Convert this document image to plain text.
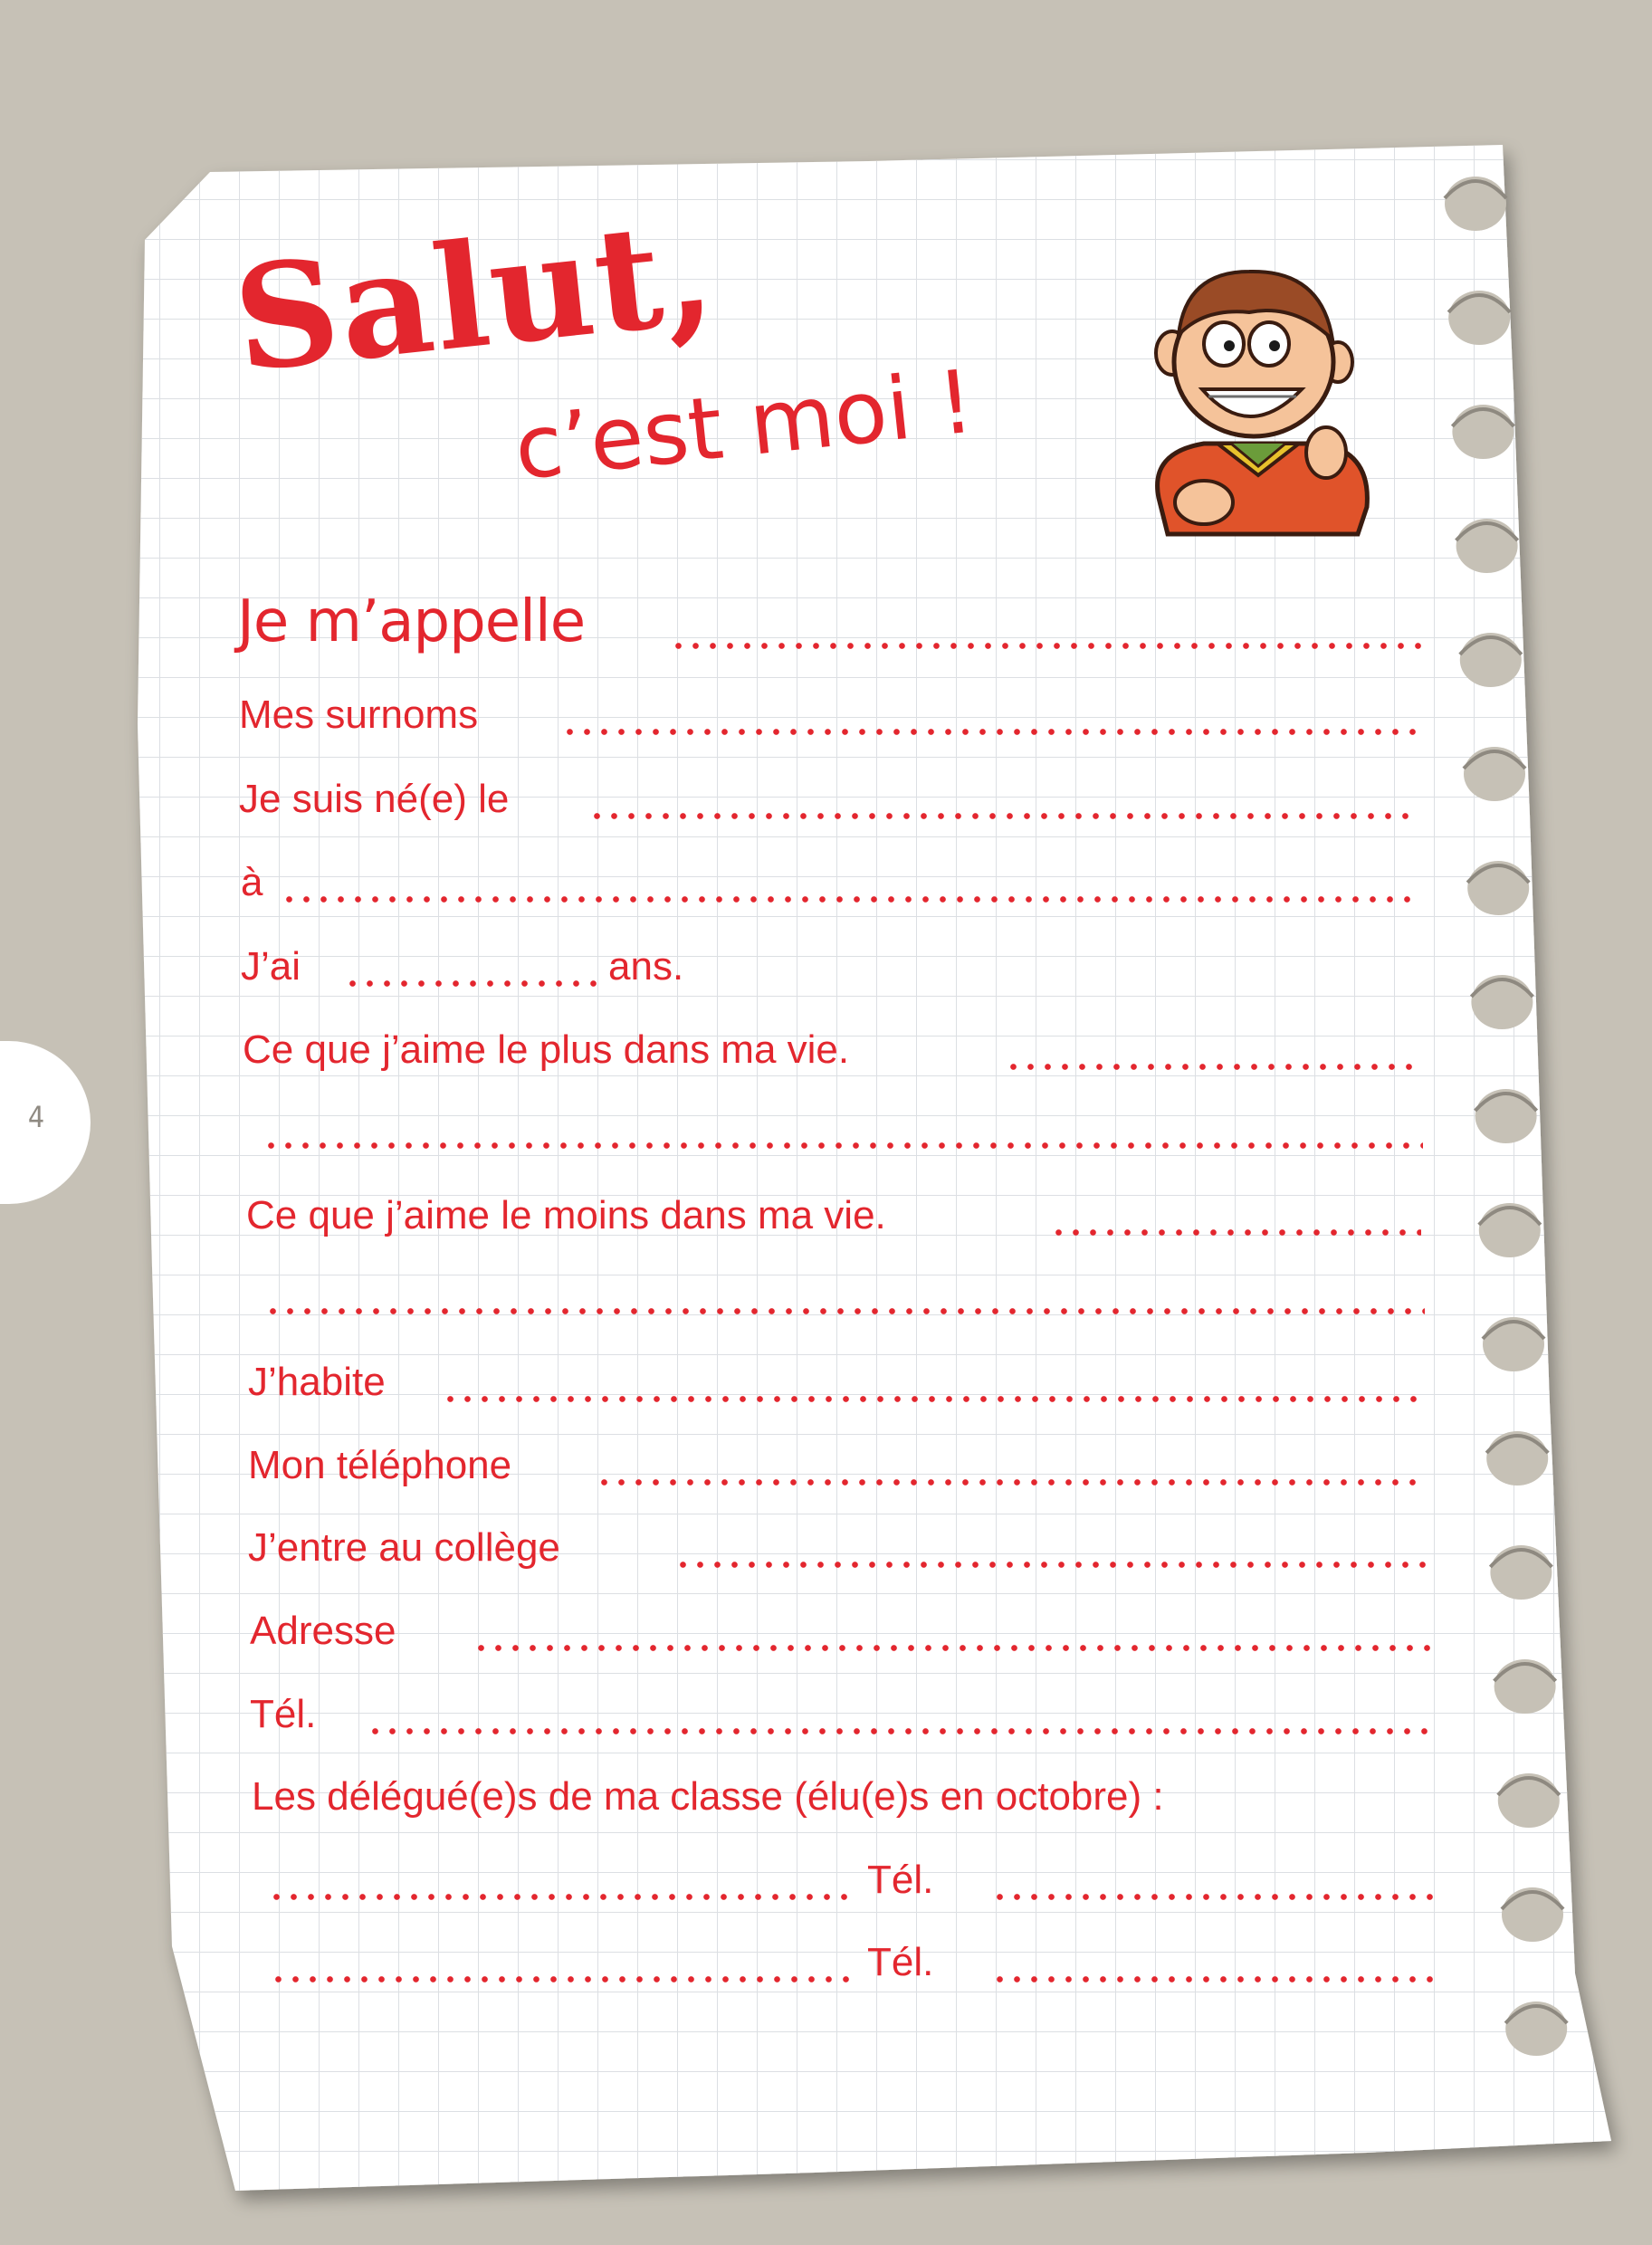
4
Salut,
c’est moi !
Je m’appelle
Mes surnoms
Je suis né(e) le
à
J’ai	ans.
Ce que j’aime le plus dans ma vie.
Ce que j’aime le moins dans ma vie.
J’habite
Mon téléphone
J’entre au collège
Adresse
Tél.
Les délégué(e)s de ma classe (élu(e)s en octobre) :
Tél.
Tél.
